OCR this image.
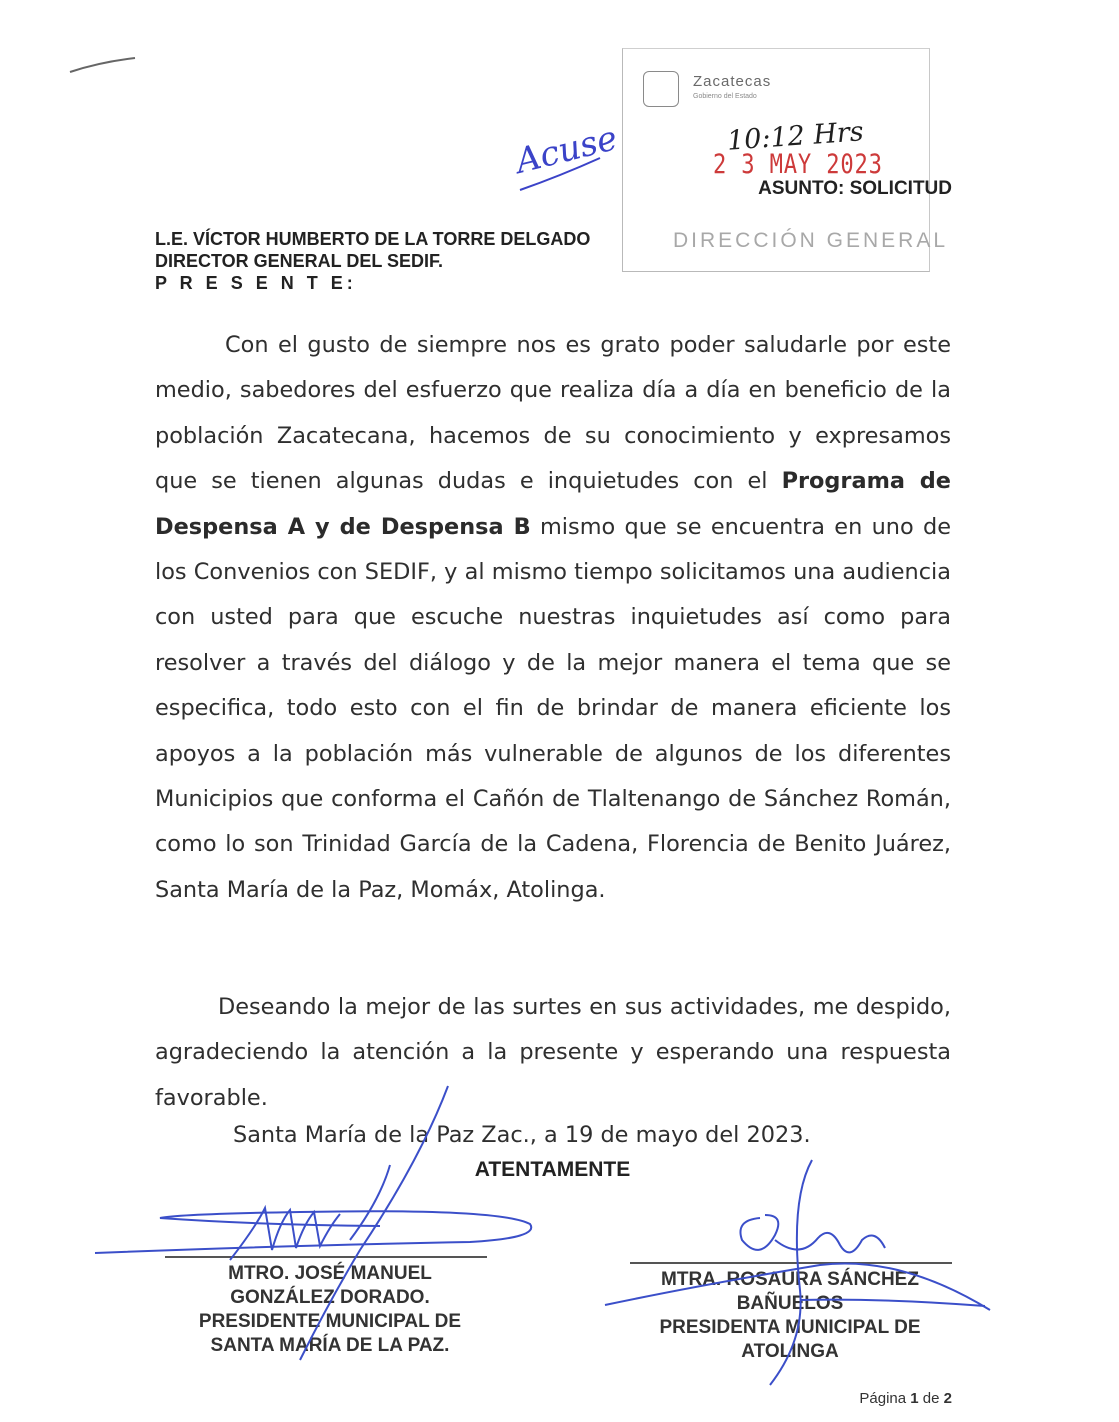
Zacatecas
Gobierno del Estado
10:12 Hrs
2 3 MAY 2023
DIRECCIÓN GENERAL
Acuse
ASUNTO: SOLICITUD
L.E. VÍCTOR HUMBERTO DE LA TORRE DELGADO
DIRECTOR GENERAL DEL SEDIF.
P R E S E N T E:
Con el gusto de siempre nos es grato poder saludarle por este medio, sabedores del esfuerzo que realiza día a día en beneficio de la población Zacatecana, hacemos de su conocimiento y expresamos que se tienen algunas dudas e inquietudes con el Programa de Despensa A y de Despensa B mismo que se encuentra en uno de los Convenios con SEDIF, y al mismo tiempo solicitamos una audiencia con usted para que escuche nuestras inquietudes así como para resolver a través del diálogo y de la mejor manera el tema que se especifica, todo esto con el fin de brindar de manera eficiente los apoyos a la población más vulnerable de algunos de los diferentes Municipios que conforma el Cañón de Tlaltenango de Sánchez Román, como lo son Trinidad García de la Cadena, Florencia de Benito Juárez, Santa María de la Paz, Momáx, Atolinga.
Deseando la mejor de las surtes en sus actividades, me despido, agradeciendo la atención a la presente y esperando una respuesta favorable.
Santa María de la Paz Zac., a 19 de mayo del 2023.
ATENTAMENTE
MTRO. JOSÉ MANUEL
GONZÁLEZ DORADO.
PRESIDENTE MUNICIPAL DE
SANTA MARÍA DE LA PAZ.
MTRA. ROSAURA SÁNCHEZ
BAÑUELOS
PRESIDENTA MUNICIPAL DE
ATOLINGA
Página 1 de 2
